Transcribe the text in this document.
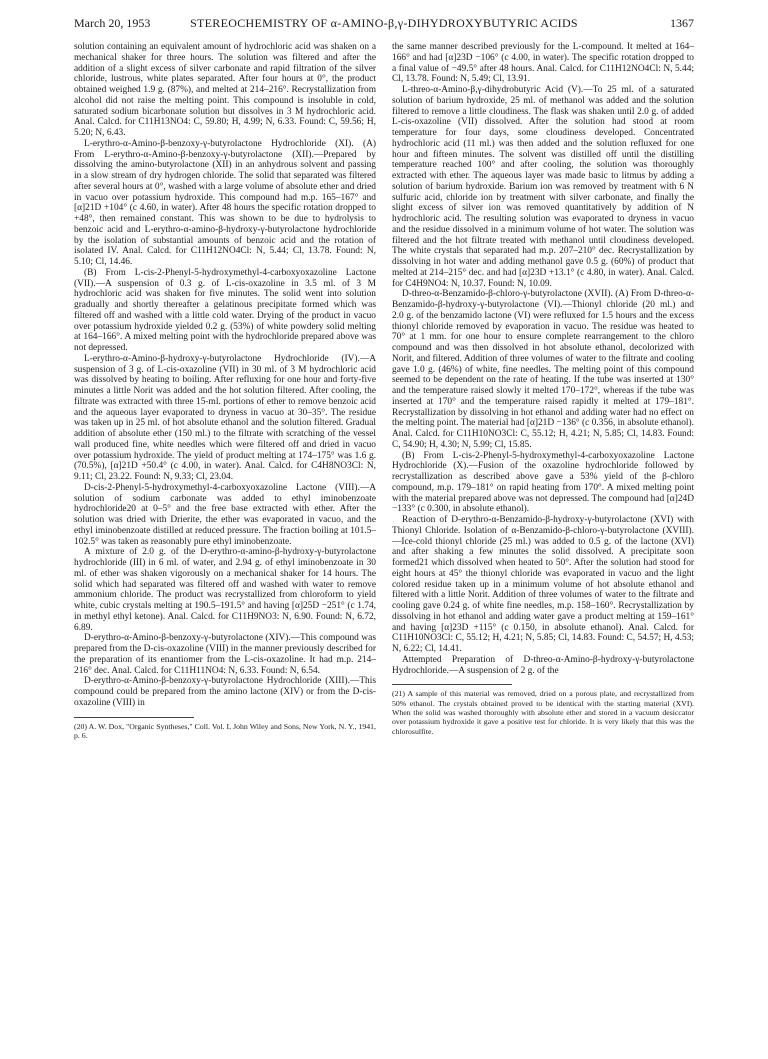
March 20, 1953	STEREOCHEMISTRY OF α-AMINO-β,γ-DIHYDROXYBUTYRIC ACIDS	1367

solution containing an equivalent amount of hydrochloric acid was shaken on a mechanical shaker for three hours. The solution was filtered and after the addition of a slight excess of silver carbonate and rapid filtration of the silver chloride, lustrous, white plates separated. After four hours at 0°, the product obtained weighed 1.9 g. (87%), and melted at 214–216°. Recrystallization from alcohol did not raise the melting point. This compound is insoluble in cold, saturated sodium bicarbonate solution but dissolves in 3 M hydrochloric acid. Anal. Calcd. for C11H13NO4: C, 59.80; H, 4.99; N, 6.33. Found: C, 59.56; H, 5.20; N, 6.43.

L-erythro-α-Amino-β-benzoxy-γ-butyrolactone Hydrochloride (XI). (A) From L-erythro-α-Amino-β-benzoxy-γ-butyrolactone (XII).—Prepared by dissolving the amino-butyrolactone (XII) in an anhydrous solvent and passing in a slow stream of dry hydrogen chloride. The solid that separated was filtered after several hours at 0°, washed with a large volume of absolute ether and dried in vacuo over potassium hydroxide. This compound had m.p. 165–167° and [α]21D +104° (c 4.60, in water). After 48 hours the specific rotation dropped to +48°, then remained constant. This was shown to be due to hydrolysis to benzoic acid and L-erythro-α-amino-β-hydroxy-γ-butyrolactone hydrochloride by the isolation of substantial amounts of benzoic acid and the rotation of isolated IV. Anal. Calcd. for C11H12NO4Cl: N, 5.44; Cl, 13.78. Found: N, 5.10; Cl, 14.46.

(B) From L-cis-2-Phenyl-5-hydroxymethyl-4-carboxyoxazoline Lactone (VII).—A suspension of 0.3 g. of L-cis-oxazoline in 3.5 ml. of 3 M hydrochloric acid was shaken for five minutes. The solid went into solution gradually and shortly thereafter a gelatinous precipitate formed which was filtered off and washed with a little cold water. Drying of the product in vacuo over potassium hydroxide yielded 0.2 g. (53%) of white powdery solid melting at 164–166°. A mixed melting point with the hydrochloride prepared above was not depressed.

L-erythro-α-Amino-β-hydroxy-γ-butyrolactone Hydrochloride (IV).—A suspension of 3 g. of L-cis-oxazoline (VII) in 30 ml. of 3 M hydrochloric acid was dissolved by heating to boiling. After refluxing for one hour and forty-five minutes a little Norit was added and the hot solution filtered. After cooling, the filtrate was extracted with three 15-ml. portions of ether to remove benzoic acid and the aqueous layer evaporated to dryness in vacuo at 30–35°. The residue was taken up in 25 ml. of hot absolute ethanol and the solution filtered. Gradual addition of absolute ether (150 ml.) to the filtrate with scratching of the vessel wall produced fine, white needles which were filtered off and dried in vacuo over potassium hydroxide. The yield of product melting at 174–175° was 1.6 g. (70.5%), [α]21D +50.4° (c 4.00, in water). Anal. Calcd. for C4H8NO3Cl: N, 9.11; Cl, 23.22. Found: N, 9.33; Cl, 23.04.

D-cis-2-Phenyl-5-hydroxymethyl-4-carboxyoxazoline Lactone (VIII).—A solution of sodium carbonate was added to ethyl iminobenzoate hydrochloride20 at 0–5° and the free base extracted with ether. After the solution was dried with Drierite, the ether was evaporated in vacuo, and the ethyl iminobenzoate distilled at reduced pressure. The fraction boiling at 101.5–102.5° was taken as reasonably pure ethyl iminobenzoate.

A mixture of 2.0 g. of the D-erythro-α-amino-β-hydroxy-γ-butyrolactone hydrochloride (III) in 6 ml. of water, and 2.94 g. of ethyl iminobenzoate in 30 ml. of ether was shaken vigorously on a mechanical shaker for 14 hours. The solid which had separated was filtered off and washed with water to remove ammonium chloride. The product was recrystallized from chloroform to yield white, cubic crystals melting at 190.5–191.5° and having [α]25D −251° (c 1.74, in methyl ethyl ketone). Anal. Calcd. for C11H9NO3: N, 6.90. Found: N, 6.72, 6.89.

D-erythro-α-Amino-β-benzoxy-γ-butyrolactone (XIV).—This compound was prepared from the D-cis-oxazoline (VIII) in the manner previously described for the preparation of its enantiomer from the L-cis-oxazoline. It had m.p. 214–216° dec. Anal. Calcd. for C11H11NO4: N, 6.33. Found: N, 6.54.

D-erythro-α-Amino-β-benzoxy-γ-butyrolactone Hydrochloride (XIII).—This compound could be prepared from the amino lactone (XIV) or from the D-cis-oxazoline (VIII) in

(20) A. W. Dox, "Organic Syntheses," Coll. Vol. I, John Wiley and Sons, New York, N. Y., 1941, p. 6.

the same manner described previously for the L-compound. It melted at 164–166° and had [α]23D −106° (c 4.00, in water). The specific rotation dropped to a final value of −49.5° after 48 hours. Anal. Calcd. for C11H12NO4Cl: N, 5.44; Cl, 13.78. Found: N, 5.49; Cl, 13.91.

L-threo-α-Amino-β,γ-dihydrobutyric Acid (V).—To 25 ml. of a saturated solution of barium hydroxide, 25 ml. of methanol was added and the solution filtered to remove a little cloudiness. The flask was shaken until 2.0 g. of added L-cis-oxazoline (VII) dissolved. After the solution had stood at room temperature for four days, some cloudiness developed. Concentrated hydrochloric acid (11 ml.) was then added and the solution refluxed for one hour and fifteen minutes. The solvent was distilled off until the distilling temperature reached 100° and after cooling, the solution was thoroughly extracted with ether. The aqueous layer was made basic to litmus by adding a solution of barium hydroxide. Barium ion was removed by treatment with 6 N sulfuric acid, chloride ion by treatment with silver carbonate, and finally the slight excess of silver ion was removed quantitatively by addition of N hydrochloric acid. The resulting solution was evaporated to dryness in vacuo and the residue dissolved in a minimum volume of hot water. The solution was filtered and the hot filtrate treated with methanol until cloudiness developed. The white crystals that separated had m.p. 207–210° dec. Recrystallization by dissolving in hot water and adding methanol gave 0.5 g. (60%) of product that melted at 214–215° dec. and had [α]23D +13.1° (c 4.80, in water). Anal. Calcd. for C4H9NO4: N, 10.37. Found: N, 10.09.

D-threo-α-Benzamido-β-chloro-γ-butyrolactone (XVII). (A) From D-threo-α-Benzamido-β-hydroxy-γ-butyrolactone (VI).—Thionyl chloride (20 ml.) and 2.0 g. of the benzamido lactone (VI) were refluxed for 1.5 hours and the excess thionyl chloride removed by evaporation in vacuo. The residue was heated to 70° at 1 mm. for one hour to ensure complete rearrangement to the chloro compound and was then dissolved in hot absolute ethanol, decolorized with Norit, and filtered. Addition of three volumes of water to the filtrate and cooling gave 1.0 g. (46%) of white, fine needles. The melting point of this compound seemed to be dependent on the rate of heating. If the tube was inserted at 130° and the temperature raised slowly it melted 170–172°, whereas if the tube was inserted at 170° and the temperature raised rapidly it melted at 179–181°. Recrystallization by dissolving in hot ethanol and adding water had no effect on the melting point. The material had [α]21D −136° (c 0.356, in absolute ethanol). Anal. Calcd. for C11H10NO3Cl: C, 55.12; H, 4.21; N, 5.85; Cl, 14.83. Found: C, 54.90; H, 4.30; N, 5.99; Cl, 15.85.

(B) From L-cis-2-Phenyl-5-hydroxymethyl-4-carboxyoxazoline Lactone Hydrochloride (X).—Fusion of the oxazoline hydrochloride followed by recrystallization as described above gave a 53% yield of the β-chloro compound, m.p. 179–181° on rapid heating from 170°. A mixed melting point with the material prepared above was not depressed. The compound had [α]24D −133° (c 0.300, in absolute ethanol).

Reaction of D-erythro-α-Benzamido-β-hydroxy-γ-butyrolactone (XVI) with Thionyl Chloride. Isolation of α-Benzamido-β-chloro-γ-butyrolactone (XVIII).—Ice-cold thionyl chloride (25 ml.) was added to 0.5 g. of the lactone (XVI) and after shaking a few minutes the solid dissolved. A precipitate soon formed21 which dissolved when heated to 50°. After the solution had stood for eight hours at 45° the thionyl chloride was evaporated in vacuo and the light colored residue taken up in a minimum volume of hot absolute ethanol and filtered with a little Norit. Addition of three volumes of water to the filtrate and cooling gave 0.24 g. of white fine needles, m.p. 158–160°. Recrystallization by dissolving in hot ethanol and adding water gave a product melting at 159–161° and having [α]23D +115° (c 0.150, in absolute ethanol). Anal. Calcd. for C11H10NO3Cl: C, 55.12; H, 4.21; N, 5.85; Cl, 14.83. Found: C, 54.57; H, 4.53; N, 6.22; Cl, 14.41.

Attempted Preparation of D-threo-α-Amino-β-hydroxy-γ-butyrolactone Hydrochloride.—A suspension of 2 g. of the

(21) A sample of this material was removed, dried on a porous plate, and recrystallized from 50% ethanol. The crystals obtained proved to be identical with the starting material (XVI). When the solid was washed thoroughly with absolute ether and stored in a vacuum desiccator over potassium hydroxide it gave a positive test for chloride. It is very likely that this was the chlorosulfite.
